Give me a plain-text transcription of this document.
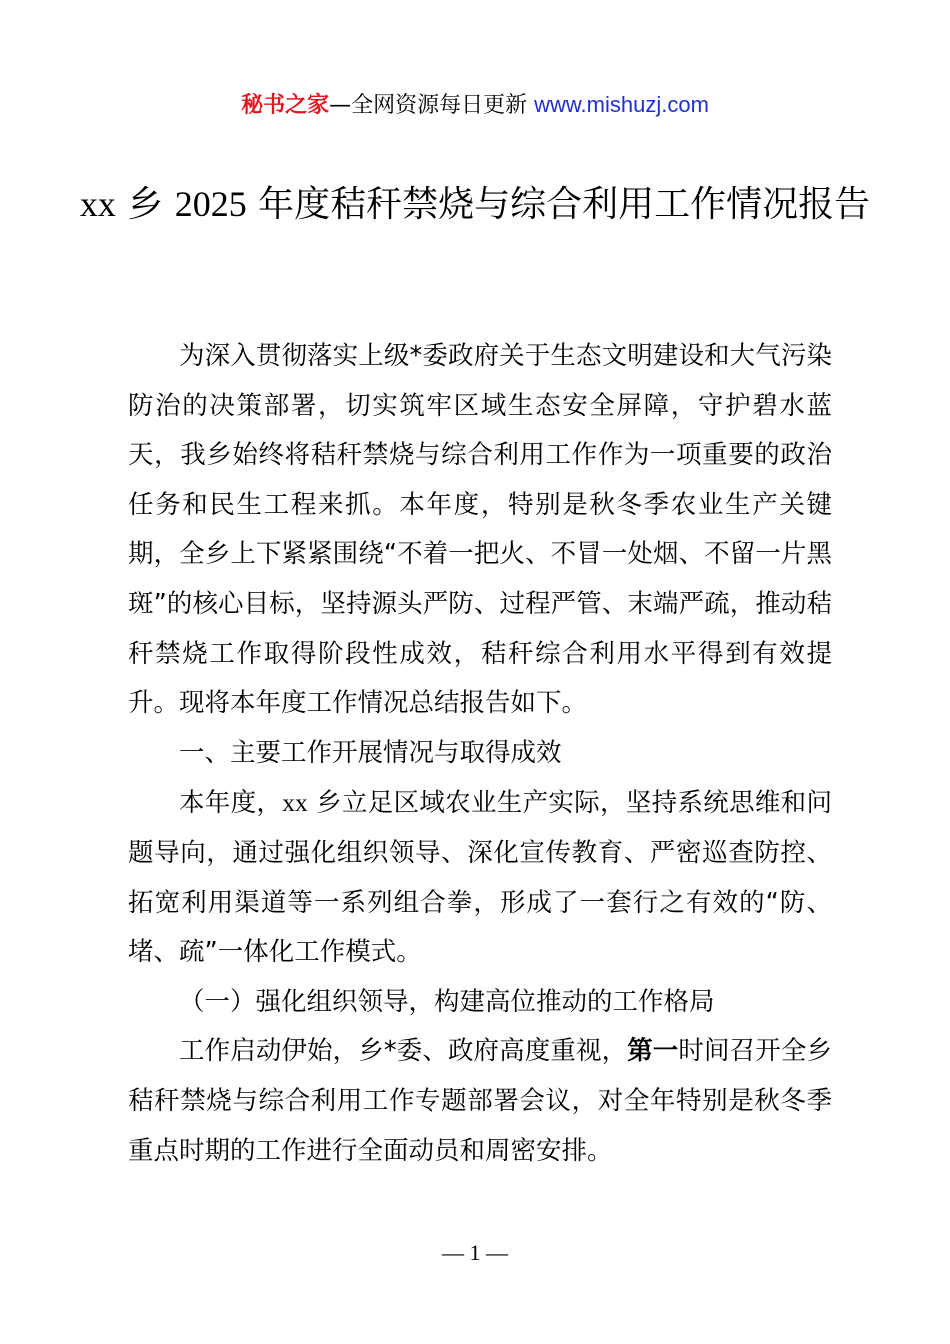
秘书之家—全网资源每日更新 www.mishuzj.com
xx 乡 2025 年度秸秆禁烧与综合利用工作情况报告

为深入贯彻落实上级*委政府关于生态文明建设和大气污染防治的决策部署，切实筑牢区域生态安全屏障，守护碧水蓝天，我乡始终将秸秆禁烧与综合利用工作作为一项重要的政治任务和民生工程来抓。本年度，特别是秋冬季农业生产关键期，全乡上下紧紧围绕“不着一把火、不冒一处烟、不留一片黑斑”的核心目标，坚持源头严防、过程严管、末端严疏，推动秸秆禁烧工作取得阶段性成效，秸秆综合利用水平得到有效提升。现将本年度工作情况总结报告如下。

一、主要工作开展情况与取得成效

本年度，xx 乡立足区域农业生产实际，坚持系统思维和问题导向，通过强化组织领导、深化宣传教育、严密巡查防控、拓宽利用渠道等一系列组合拳，形成了一套行之有效的“防、堵、疏”一体化工作模式。

（一）强化组织领导，构建高位推动的工作格局

工作启动伊始，乡*委、政府高度重视，第一时间召开全乡秸秆禁烧与综合利用工作专题部署会议，对全年特别是秋冬季重点时期的工作进行全面动员和周密安排。

— 1 —
